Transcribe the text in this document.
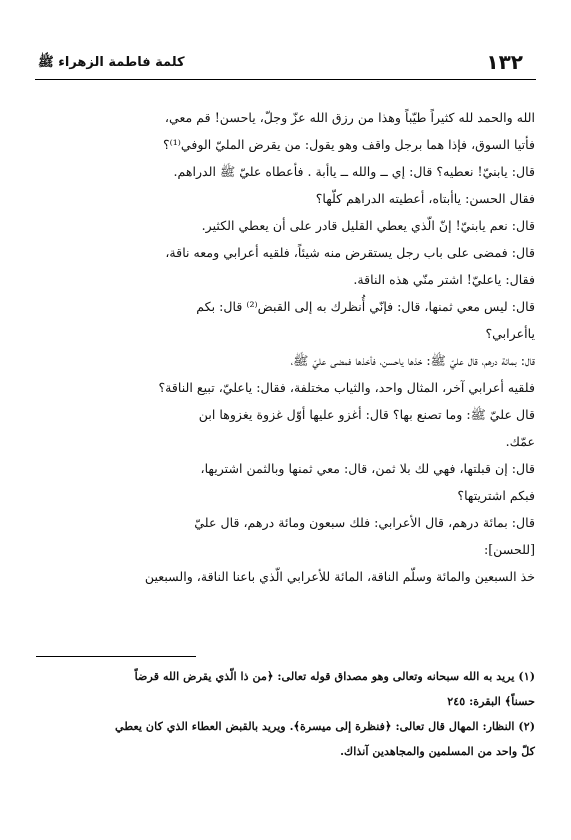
١٣٢
كلمة فاطمة الزهراء ﷺ

الله والحمد لله كثيراً طيّباً وهذا من رزق الله عزّ وجلّ، ياحسن! قم معي،

فأتيا السوق، فإذا هما برجل واقف وهو يقول: من يقرض المليّ الوفي⁽¹⁾؟

قال: يابنيّ! نعطيه؟ قال: إي ــ والله ــ ياأبة . فأعطاه عليّ ﷺ الدراهم.

فقال الحسن: ياأبتاه، أعطيته الدراهم كلّها؟

قال: نعم يابنيّ! إنّ الّذي يعطي القليل قادر على أن يعطي الكثير.

قال: فمضى على باب رجل يستقرض منه شيئاً، فلقيه أعرابي ومعه ناقة،

فقال: ياعليّ! اشتر منّي هذه الناقة.

قال: ليس معي ثمنها، قال: فإنّي أُنظرك به إلى القبض⁽²⁾ قال: بكم

ياأعرابي؟

قال: بمائة درهم، قال عليّ ﷺ: خذها ياحسن، فأخذها فمضى عليّ ﷺ،

فلقيه أعرابي آخر، المثال واحد، والثياب مختلفة، فقال: ياعليّ، تبيع الناقة؟

قال عليّ ﷺ: وما تصنع بها؟ قال: أغزو عليها أوّل غزوة يغزوها ابن

عمّك.

قال: إن قبلتها، فهي لك بلا ثمن، قال: معي ثمنها وبالثمن اشتريها،

فبكم اشتريتها؟

قال: بمائة درهم، قال الأعرابي: فلك سبعون ومائة درهم، قال عليّ

[للحسن]:

خذ السبعين والمائة وسلّم الناقة، المائة للأعرابي الّذي باعنا الناقة، والسبعين

(١) يريد به الله سبحانه وتعالى وهو مصداق قوله تعالى: ﴿من ذا الّذي يقرض الله قرضاً

حسناً﴾ البقرة: ٢٤٥

(٢) النظار: المهال قال تعالى: ﴿فنظرة إلى ميسرة﴾. ويريد بالقبض العطاء الذي كان يعطي

كلّ واحد من المسلمين والمجاهدين آنذاك.
